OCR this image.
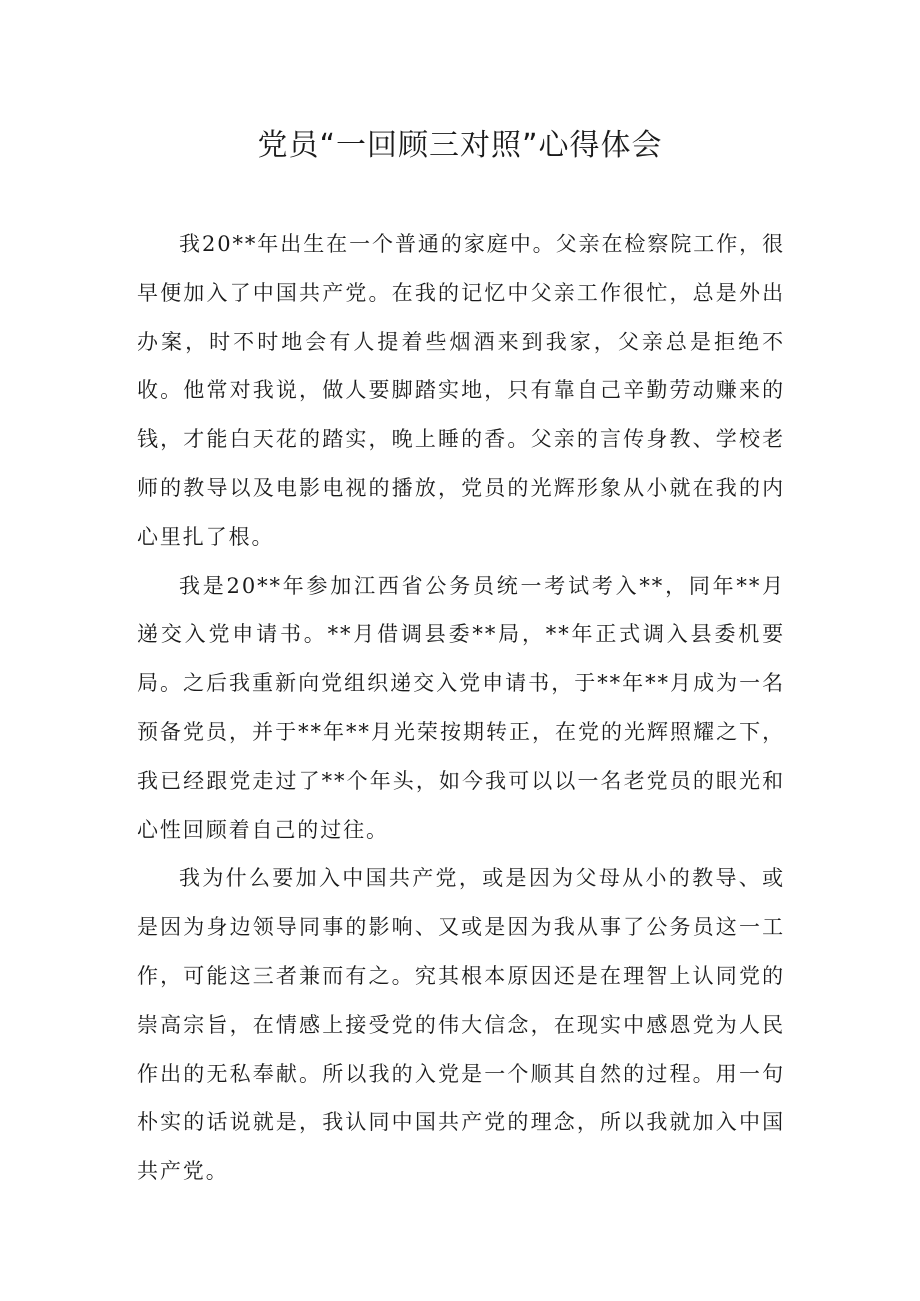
党员“一回顾三对照”心得体会

我20**年出生在一个普通的家庭中。父亲在检察院工作，很早便加入了中国共产党。在我的记忆中父亲工作很忙，总是外出办案，时不时地会有人提着些烟酒来到我家，父亲总是拒绝不收。他常对我说，做人要脚踏实地，只有靠自己辛勤劳动赚来的钱，才能白天花的踏实，晚上睡的香。父亲的言传身教、学校老师的教导以及电影电视的播放，党员的光辉形象从小就在我的内心里扎了根。

我是20**年参加江西省公务员统一考试考入**，同年**月递交入党申请书。**月借调县委**局，**年正式调入县委机要局。之后我重新向党组织递交入党申请书，于**年**月成为一名预备党员，并于**年**月光荣按期转正，在党的光辉照耀之下，我已经跟党走过了**个年头，如今我可以以一名老党员的眼光和心性回顾着自己的过往。

我为什么要加入中国共产党，或是因为父母从小的教导、或是因为身边领导同事的影响、又或是因为我从事了公务员这一工作，可能这三者兼而有之。究其根本原因还是在理智上认同党的崇高宗旨，在情感上接受党的伟大信念，在现实中感恩党为人民作出的无私奉献。所以我的入党是一个顺其自然的过程。用一句朴实的话说就是，我认同中国共产党的理念，所以我就加入中国共产党。
